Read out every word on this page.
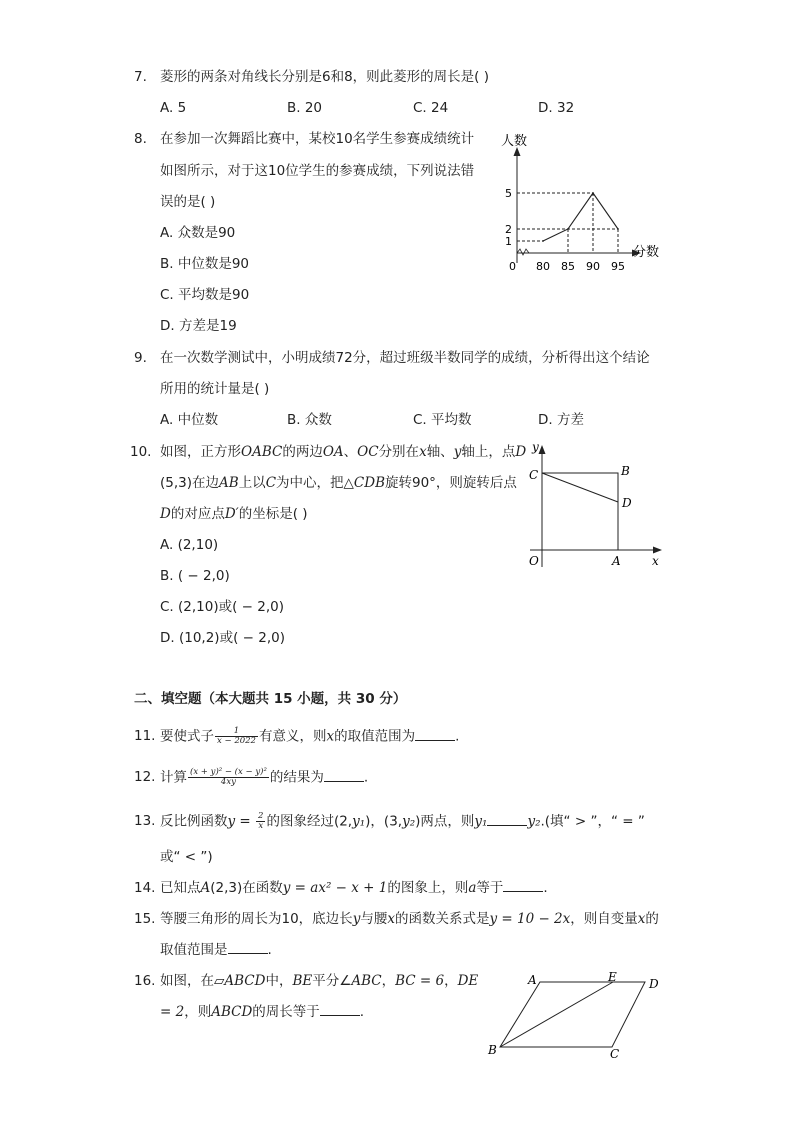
7. 菱形的两条对角线长分别是6和8，则此菱形的周长是( )
A. 5	B. 20	C. 24	D. 32
8. 在参加一次舞蹈比赛中，某校10名学生参赛成绩统计
如图所示，对于这10位学生的参赛成绩，下列说法错
误的是( )
A. 众数是90
B. 中位数是90
C. 平均数是90
D. 方差是19
人数
分数
0 80 85 90 95
1
2
5
9. 在一次数学测试中，小明成绩72分，超过班级半数同学的成绩，分析得出这个结论
所用的统计量是( )
A. 中位数	B. 众数	C. 平均数	D. 方差
10. 如图，正方形OABC的两边OA、OC分别在x轴、y轴上，点D
(5,3)在边AB上以C为中心，把△CDB旋转90°，则旋转后点
D的对应点D′的坐标是( )
A. (2,10)
B. ( − 2,0)
C. (2,10)或( − 2,0)
D. (10,2)或( − 2,0)
y
C	B
D
O	A	x
二、填空题（本大题共 15 小题，共 30 分）
11. 要使式子 $\frac{1}{x - 2022}$ 有意义，则x的取值范围为	.
12. 计算 $\frac{\text{(x + y)² − (x − y)²}}{4xy}$ 的结果为	.
13. 反比例函数$y = \frac{2}{x}$ 的图象经过(2,y₁)，(3,y₂)两点，则y₁	y₂.(填“ > ”，“ = ”
或“ < ”)
14. 已知点A(2,3)在函数y = ax² − x + 1的图象上，则a等于	.
15. 等腰三角形的周长为10，底边长y与腰x的函数关系式是y = 10 − 2x，则自变量x的
取值范围是	.
16. 如图，在▱ABCD中，BE平分∠ABC，BC = 6，DE
= 2，则ABCD的周长等于	.
A	E	D
B	C
